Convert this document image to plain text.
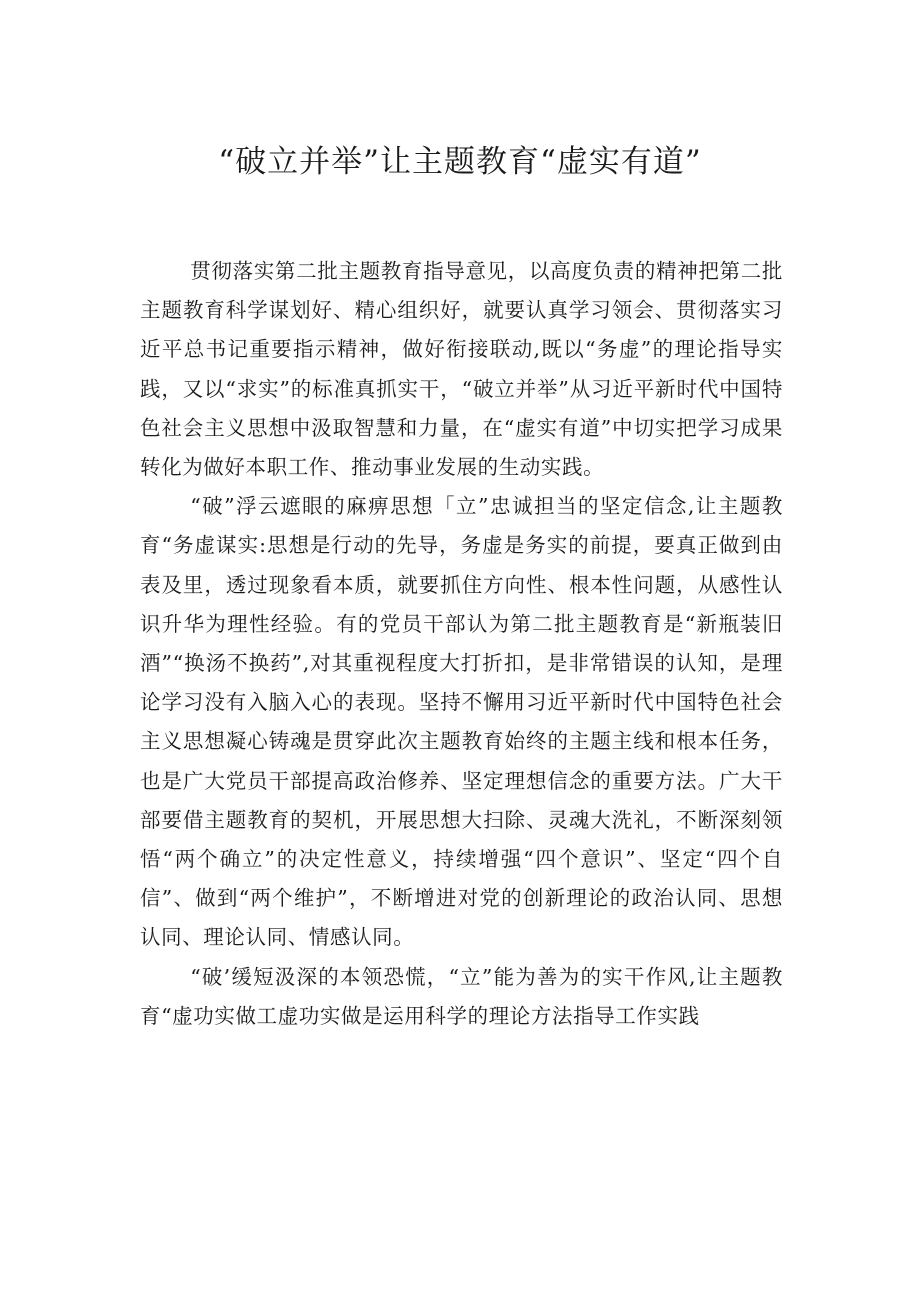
“破立并举”让主题教育“虚实有道”

贯彻落实第二批主题教育指导意见，以高度负责的精神把第二批主题教育科学谋划好、精心组织好，就要认真学习领会、贯彻落实习近平总书记重要指示精神，做好衔接联动,既以“务虚”的理论指导实践，又以“求实”的标准真抓实干，“破立并举”从习近平新时代中国特色社会主义思想中汲取智慧和力量，在“虚实有道”中切实把学习成果转化为做好本职工作、推动事业发展的生动实践。

“破”浮云遮眼的麻痹思想「立”忠诚担当的坚定信念,让主题教育“务虚谋实:思想是行动的先导，务虚是务实的前提，要真正做到由表及里，透过现象看本质，就要抓住方向性、根本性问题，从感性认识升华为理性经验。有的党员干部认为第二批主题教育是“新瓶装旧酒”“换汤不换药”,对其重视程度大打折扣，是非常错误的认知，是理论学习没有入脑入心的表现。坚持不懈用习近平新时代中国特色社会主义思想凝心铸魂是贯穿此次主题教育始终的主题主线和根本任务，也是广大党员干部提高政治修养、坚定理想信念的重要方法。广大干部要借主题教育的契机，开展思想大扫除、灵魂大洗礼，不断深刻领悟“两个确立”的决定性意义，持续增强“四个意识”、坚定“四个自信”、做到“两个维护”，不断增进对党的创新理论的政治认同、思想认同、理论认同、情感认同。

“破’缓短汲深的本领恐慌，“立”能为善为的实干作风,让主题教育“虚功实做工虚功实做是运用科学的理论方法指导工作实践
